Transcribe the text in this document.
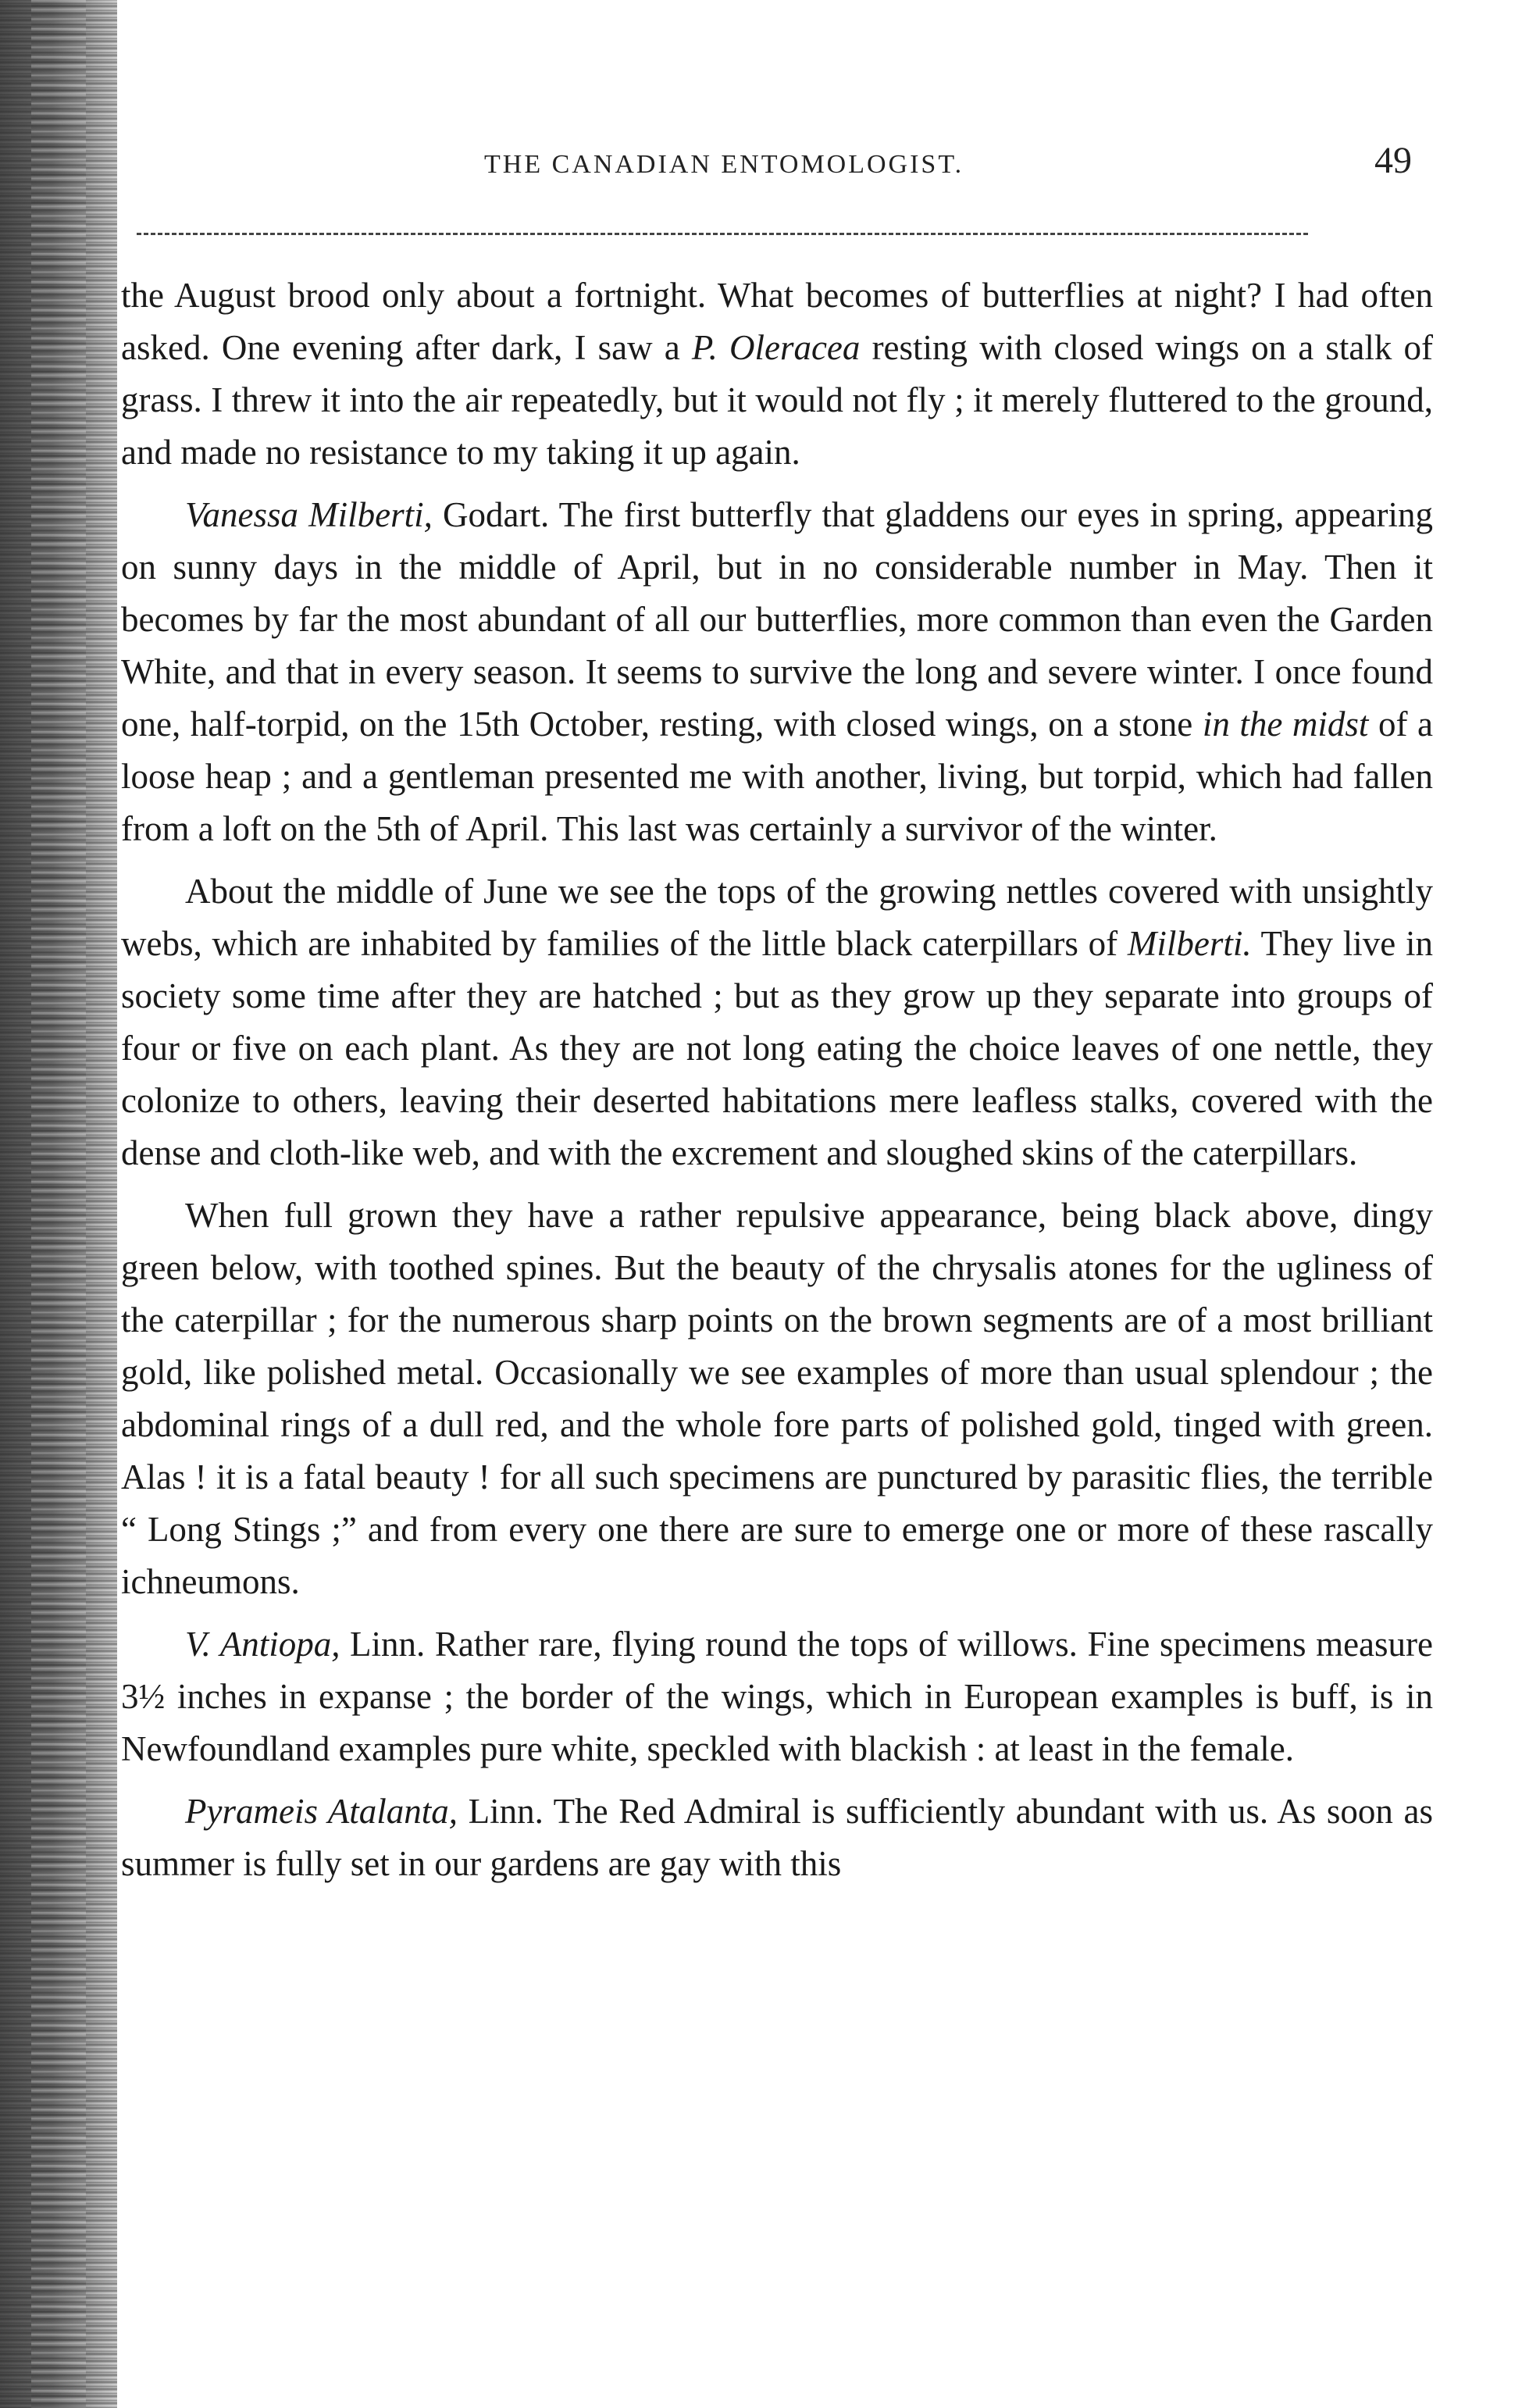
THE CANADIAN ENTOMOLOGIST.	49

the August brood only about a fortnight. What becomes of butterflies at night? I had often asked. One evening after dark, I saw a P. Oleracea resting with closed wings on a stalk of grass. I threw it into the air repeatedly, but it would not fly ; it merely fluttered to the ground, and made no resistance to my taking it up again.

Vanessa Milberti, Godart. The first butterfly that gladdens our eyes in spring, appearing on sunny days in the middle of April, but in no considerable number in May. Then it becomes by far the most abundant of all our butterflies, more common than even the Garden White, and that in every season. It seems to survive the long and severe winter. I once found one, half-torpid, on the 15th October, resting, with closed wings, on a stone in the midst of a loose heap ; and a gentleman presented me with another, living, but torpid, which had fallen from a loft on the 5th of April. This last was certainly a survivor of the winter.

About the middle of June we see the tops of the growing nettles covered with unsightly webs, which are inhabited by families of the little black caterpillars of Milberti. They live in society some time after they are hatched ; but as they grow up they separate into groups of four or five on each plant. As they are not long eating the choice leaves of one nettle, they colonize to others, leaving their deserted habitations mere leafless stalks, covered with the dense and cloth-like web, and with the excrement and sloughed skins of the caterpillars.

When full grown they have a rather repulsive appearance, being black above, dingy green below, with toothed spines. But the beauty of the chrysalis atones for the ugliness of the caterpillar ; for the numerous sharp points on the brown segments are of a most brilliant gold, like polished metal. Occasionally we see examples of more than usual splendour ; the abdominal rings of a dull red, and the whole fore parts of polished gold, tinged with green. Alas ! it is a fatal beauty ! for all such specimens are punctured by parasitic flies, the terrible “ Long Stings ;” and from every one there are sure to emerge one or more of these rascally ichneumons.

V. Antiopa, Linn. Rather rare, flying round the tops of willows. Fine specimens measure 3½ inches in expanse ; the border of the wings, which in European examples is buff, is in Newfoundland examples pure white, speckled with blackish : at least in the female.

Pyrameis Atalanta, Linn. The Red Admiral is sufficiently abundant with us. As soon as summer is fully set in our gardens are gay with this
